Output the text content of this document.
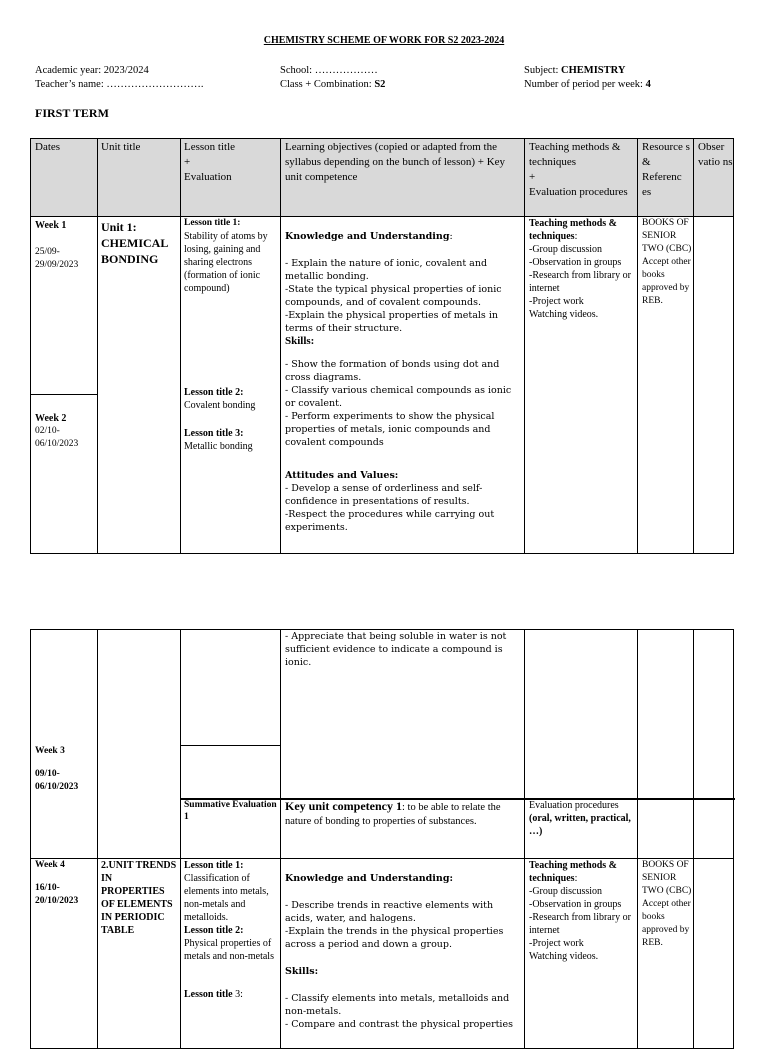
CHEMISTRY SCHEME OF WORK FOR S2 2023-2024
Academic year: 2023/2024
Teacher’s name: ……………………….
School: ………………
Class + Combination: S2
Subject: CHEMISTRY
Number of period per week: 4
FIRST TERM
Dates	Unit title	Lesson title
+
Evaluation
Learning objectives (copied or adapted from the syllabus depending on the bunch of lesson) + Key unit competence
Teaching methods & techniques
+
Evaluation procedures
Resource s & Referenc es
Obser vatio ns
Week 1
25/09-29/09/2023
Week 2
02/10-06/10/2023
Unit 1: CHEMICAL BONDING
Lesson title 1:
Stability of atoms by losing, gaining and sharing electrons (formation of ionic compound)
Lesson title 2:
Covalent bonding
Lesson title 3:
Metallic bonding
Knowledge and Understanding:
- Explain the nature of ionic, covalent and metallic bonding.
-State the typical physical properties of ionic compounds, and of covalent compounds.
-Explain the physical properties of metals in terms of their structure.
Skills:
- Show the formation of bonds using dot and cross diagrams.
- Classify various chemical compounds as ionic or covalent.
- Perform experiments to show the physical properties of metals, ionic compounds and covalent compounds
Attitudes and Values:
- Develop a sense of orderliness and self-confidence in presentations of results.
-Respect the procedures while carrying out experiments.
Teaching methods & techniques:
-Group discussion
-Observation in groups
-Research from library or internet
-Project work
Watching videos.
BOOKS OF SENIOR TWO (CBC) Accept other books approved by REB.
- Appreciate that being soluble in water is not sufficient evidence to indicate a compound is ionic.
Week 3
09/10-06/10/2023
Summative Evaluation 1
Key unit competency 1: to be able to relate the nature of bonding to properties of substances.
Evaluation procedures
(oral, written, practical, …)
Week 4
16/10-20/10/2023
2.UNIT TRENDS IN PROPERTIES OF ELEMENTS IN PERIODIC TABLE
Lesson title 1:
Classification of elements into metals, non-metals and metalloids.
Lesson title 2:
Physical properties of metals and non-metals
Lesson title 3:
Knowledge and Understanding:
- Describe trends in reactive elements with acids, water, and halogens.
-Explain the trends in the physical properties across a period and down a group.
Skills:
- Classify elements into metals, metalloids and non-metals.
- Compare and contrast the physical properties
Teaching methods & techniques:
-Group discussion
-Observation in groups
-Research from library or internet
-Project work
Watching videos.
BOOKS OF SENIOR TWO (CBC) Accept other books approved by REB.
